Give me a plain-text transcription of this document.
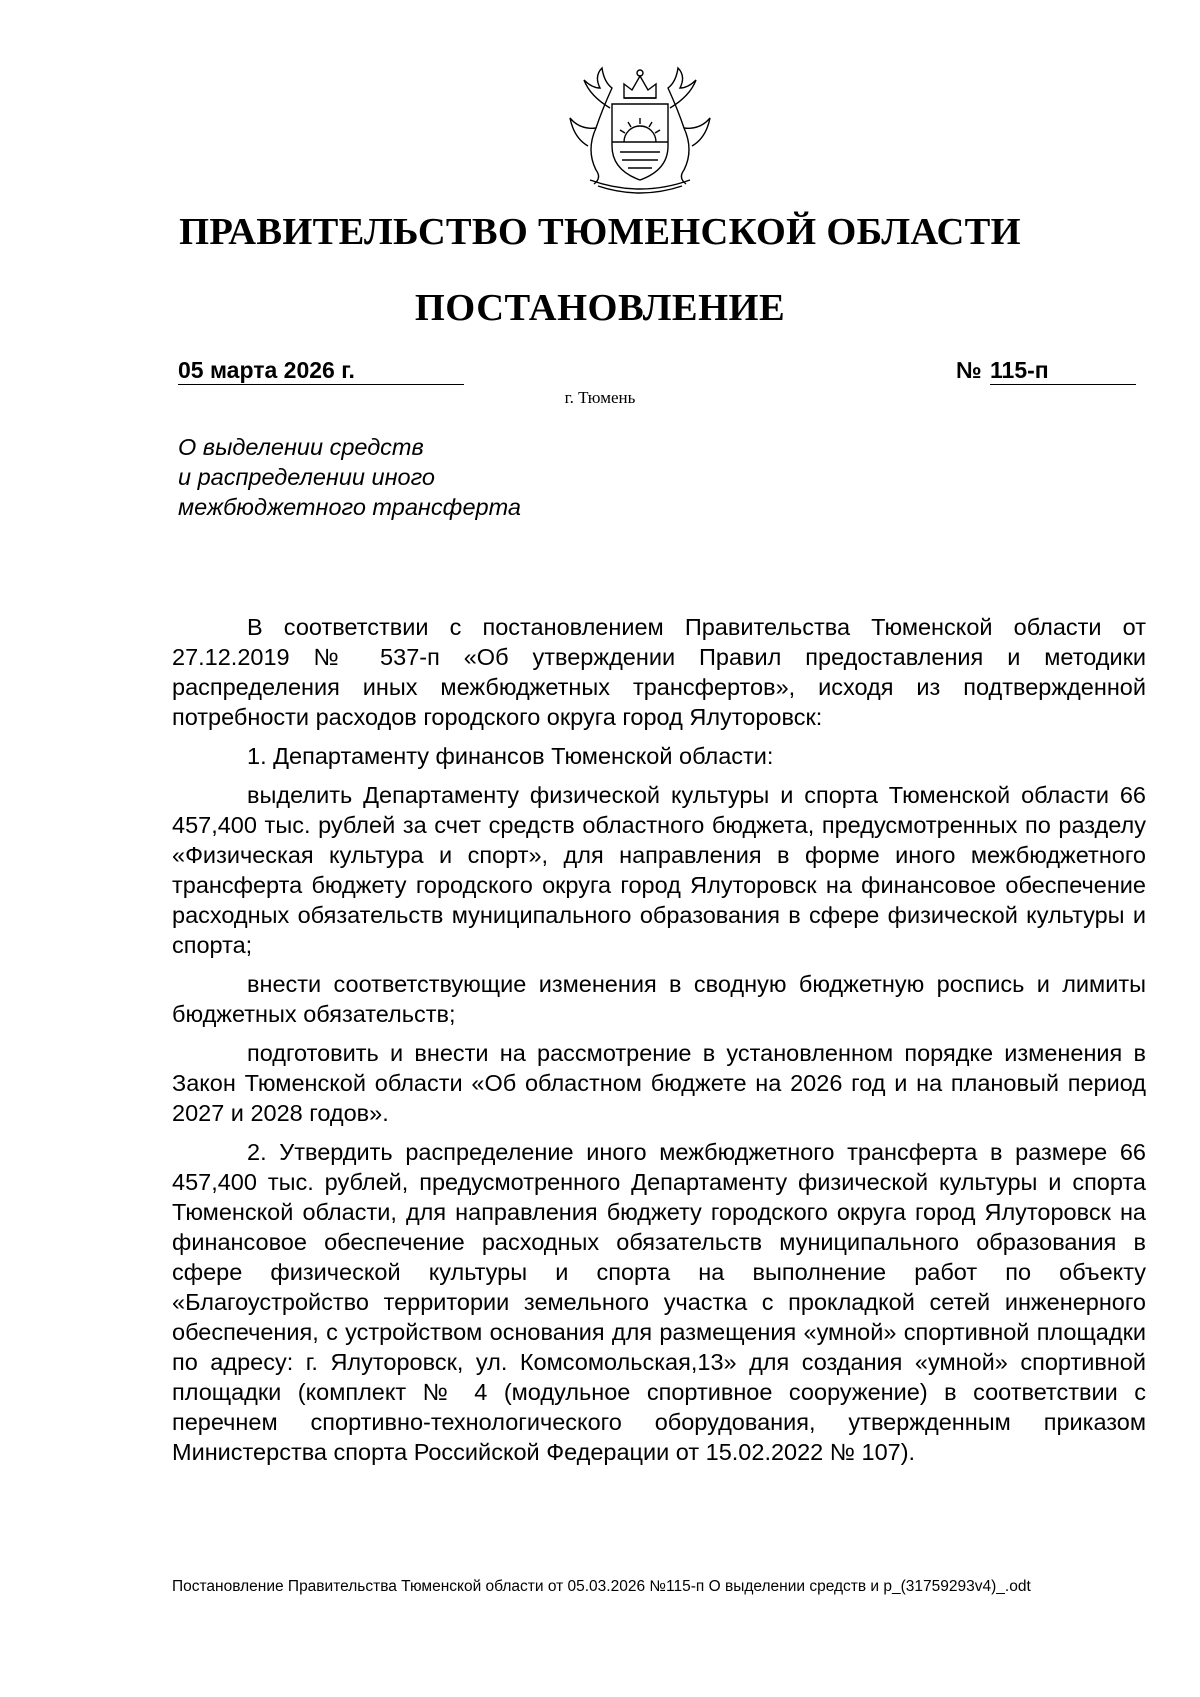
ПРАВИТЕЛЬСТВО ТЮМЕНСКОЙ ОБЛАСТИ
ПОСТАНОВЛЕНИЕ
05 марта 2026 г.	№ 115-п
г. Тюмень
О выделении средств
и распределении иного
межбюджетного трансферта

В соответствии с постановлением Правительства Тюменской области от 27.12.2019 № 537-п «Об утверждении Правил предоставления и методики распределения иных межбюджетных трансфертов», исходя из подтвержденной потребности расходов городского округа город Ялуторовск:

1. Департаменту финансов Тюменской области:

выделить Департаменту физической культуры и спорта Тюменской области 66 457,400 тыс. рублей за счет средств областного бюджета, предусмотренных по разделу «Физическая культура и спорт», для направления в форме иного межбюджетного трансферта бюджету городского округа город Ялуторовск на финансовое обеспечение расходных обязательств муниципального образования в сфере физической культуры и спорта;

внести соответствующие изменения в сводную бюджетную роспись и лимиты бюджетных обязательств;

подготовить и внести на рассмотрение в установленном порядке изменения в Закон Тюменской области «Об областном бюджете на 2026 год и на плановый период 2027 и 2028 годов».

2. Утвердить распределение иного межбюджетного трансферта в размере 66 457,400 тыс. рублей, предусмотренного Департаменту физической культуры и спорта Тюменской области, для направления бюджету городского округа город Ялуторовск на финансовое обеспечение расходных обязательств муниципального образования в сфере физической культуры и спорта на выполнение работ по объекту «Благоустройство территории земельного участка с прокладкой сетей инженерного обеспечения, с устройством основания для размещения «умной» спортивной площадки по адресу: г. Ялуторовск, ул. Комсомольская,13» для создания «умной» спортивной площадки (комплект № 4 (модульное спортивное сооружение) в соответствии с перечнем спортивно-технологического оборудования, утвержденным приказом Министерства спорта Российской Федерации от 15.02.2022 № 107).

Постановление Правительства Тюменской области от 05.03.2026 №115-п О выделении средств и р_(31759293v4)_.odt
